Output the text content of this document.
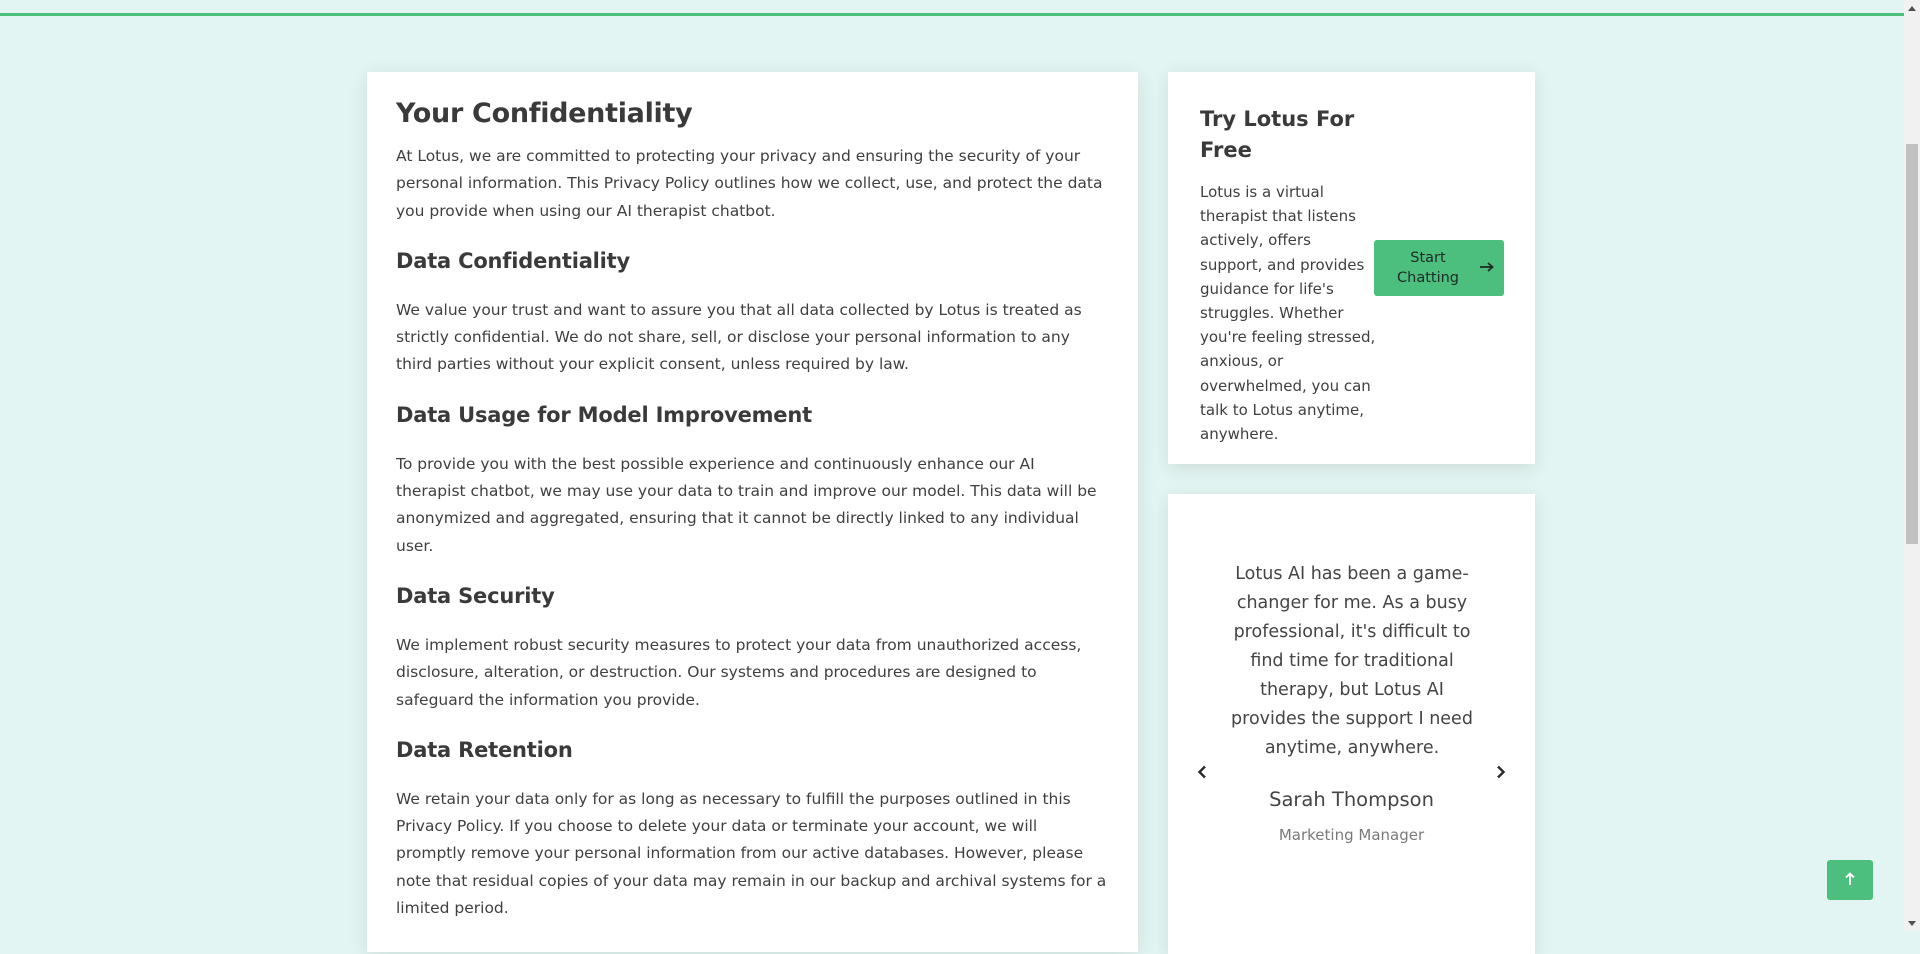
Your Confidentiality

At Lotus, we are committed to protecting your privacy and ensuring the security of your personal information. This Privacy Policy outlines how we collect, use, and protect the data you provide when using our AI therapist chatbot.

Data Confidentiality

We value your trust and want to assure you that all data collected by Lotus is treated as strictly confidential. We do not share, sell, or disclose your personal information to any third parties without your explicit consent, unless required by law.

Data Usage for Model Improvement

To provide you with the best possible experience and continuously enhance our AI therapist chatbot, we may use your data to train and improve our model. This data will be anonymized and aggregated, ensuring that it cannot be directly linked to any individual user.

Data Security

We implement robust security measures to protect your data from unauthorized access, disclosure, alteration, or destruction. Our systems and procedures are designed to safeguard the information you provide.

Data Retention

We retain your data only for as long as necessary to fulfill the purposes outlined in this Privacy Policy. If you choose to delete your data or terminate your account, we will promptly remove your personal information from our active databases. However, please note that residual copies of your data may remain in our backup and archival systems for a limited period.

Try Lotus For Free

Lotus is a virtual therapist that listens actively, offers support, and provides guidance for life's struggles. Whether you're feeling stressed, anxious, or overwhelmed, you can talk to Lotus anytime, anywhere.

Start Chatting

Lotus AI has been a game-changer for me. As a busy professional, it's difficult to find time for traditional therapy, but Lotus AI provides the support I need anytime, anywhere.

Sarah Thompson
Marketing Manager
